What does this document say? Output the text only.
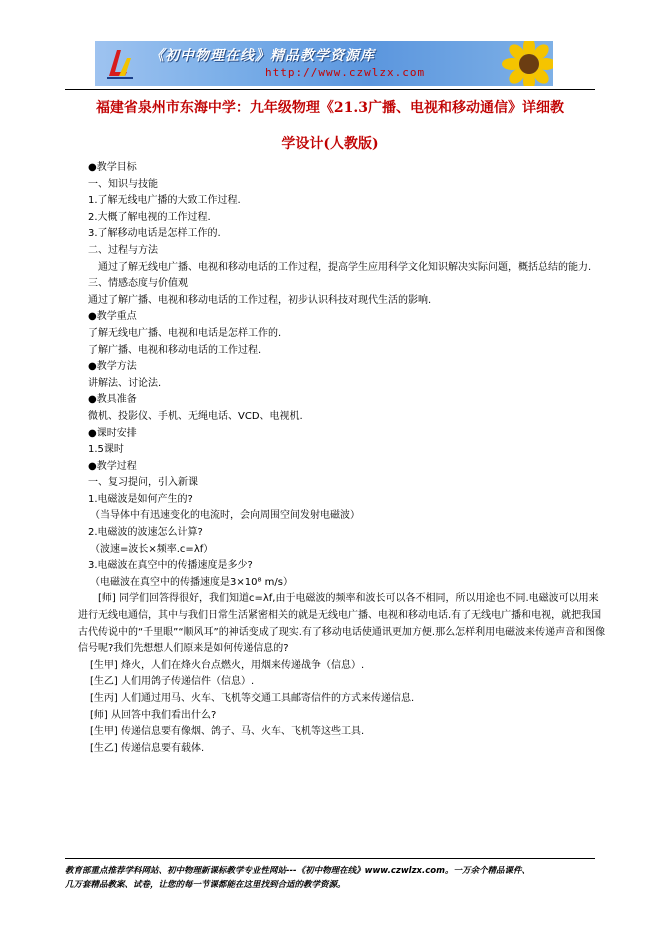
《初中物理在线》精品教学资源库
http://www.czwlzx.com
福建省泉州市东海中学：九年级物理《21.3广播、电视和移动通信》详细教
学设计(人教版)

●教学目标

一、知识与技能

1.了解无线电广播的大致工作过程.

2.大概了解电视的工作过程.

3.了解移动电话是怎样工作的.

二、过程与方法

通过了解无线电广播、电视和移动电话的工作过程，提高学生应用科学文化知识解决实际问题，概括总结的能力.

三、情感态度与价值观

通过了解广播、电视和移动电话的工作过程，初步认识科技对现代生活的影响.

●教学重点

了解无线电广播、电视和电话是怎样工作的.

了解广播、电视和移动电话的工作过程.

●教学方法

讲解法、讨论法.

●教具准备

微机、投影仪、手机、无绳电话、VCD、电视机.

●课时安排

1.5课时

●教学过程

一、复习提问，引入新课

1.电磁波是如何产生的?

（当导体中有迅速变化的电流时，会向周围空间发射电磁波）

2.电磁波的波速怎么计算?

（波速=波长×频率.c=λf）

3.电磁波在真空中的传播速度是多少?

（电磁波在真空中的传播速度是3×10⁸ m/s）

[师] 同学们回答得很好，我们知道c=λf,由于电磁波的频率和波长可以各不相同，所以用途也不同.电磁波可以用来进行无线电通信，其中与我们日常生活紧密相关的就是无线电广播、电视和移动电话.有了无线电广播和电视，就把我国古代传说中的“千里眼”“顺风耳”的神话变成了现实.有了移动电话使通讯更加方便.那么怎样利用电磁波来传递声音和图像信号呢?我们先想想人们原来是如何传递信息的?

[生甲] 烽火，人们在烽火台点燃火，用烟来传递战争（信息）.

[生乙] 人们用鸽子传递信件（信息）.

[生丙] 人们通过用马、火车、飞机等交通工具邮寄信件的方式来传递信息.

[师] 从回答中我们看出什么?

[生甲] 传递信息要有像烟、鸽子、马、火车、飞机等这些工具.

[生乙] 传递信息要有载体.

教育部重点推荐学科网站、初中物理新课标教学专业性网站---《初中物理在线》www.czwlzx.com。一万余个精品课件、

几万套精品教案、试卷，让您的每一节课都能在这里找到合适的教学资源。
